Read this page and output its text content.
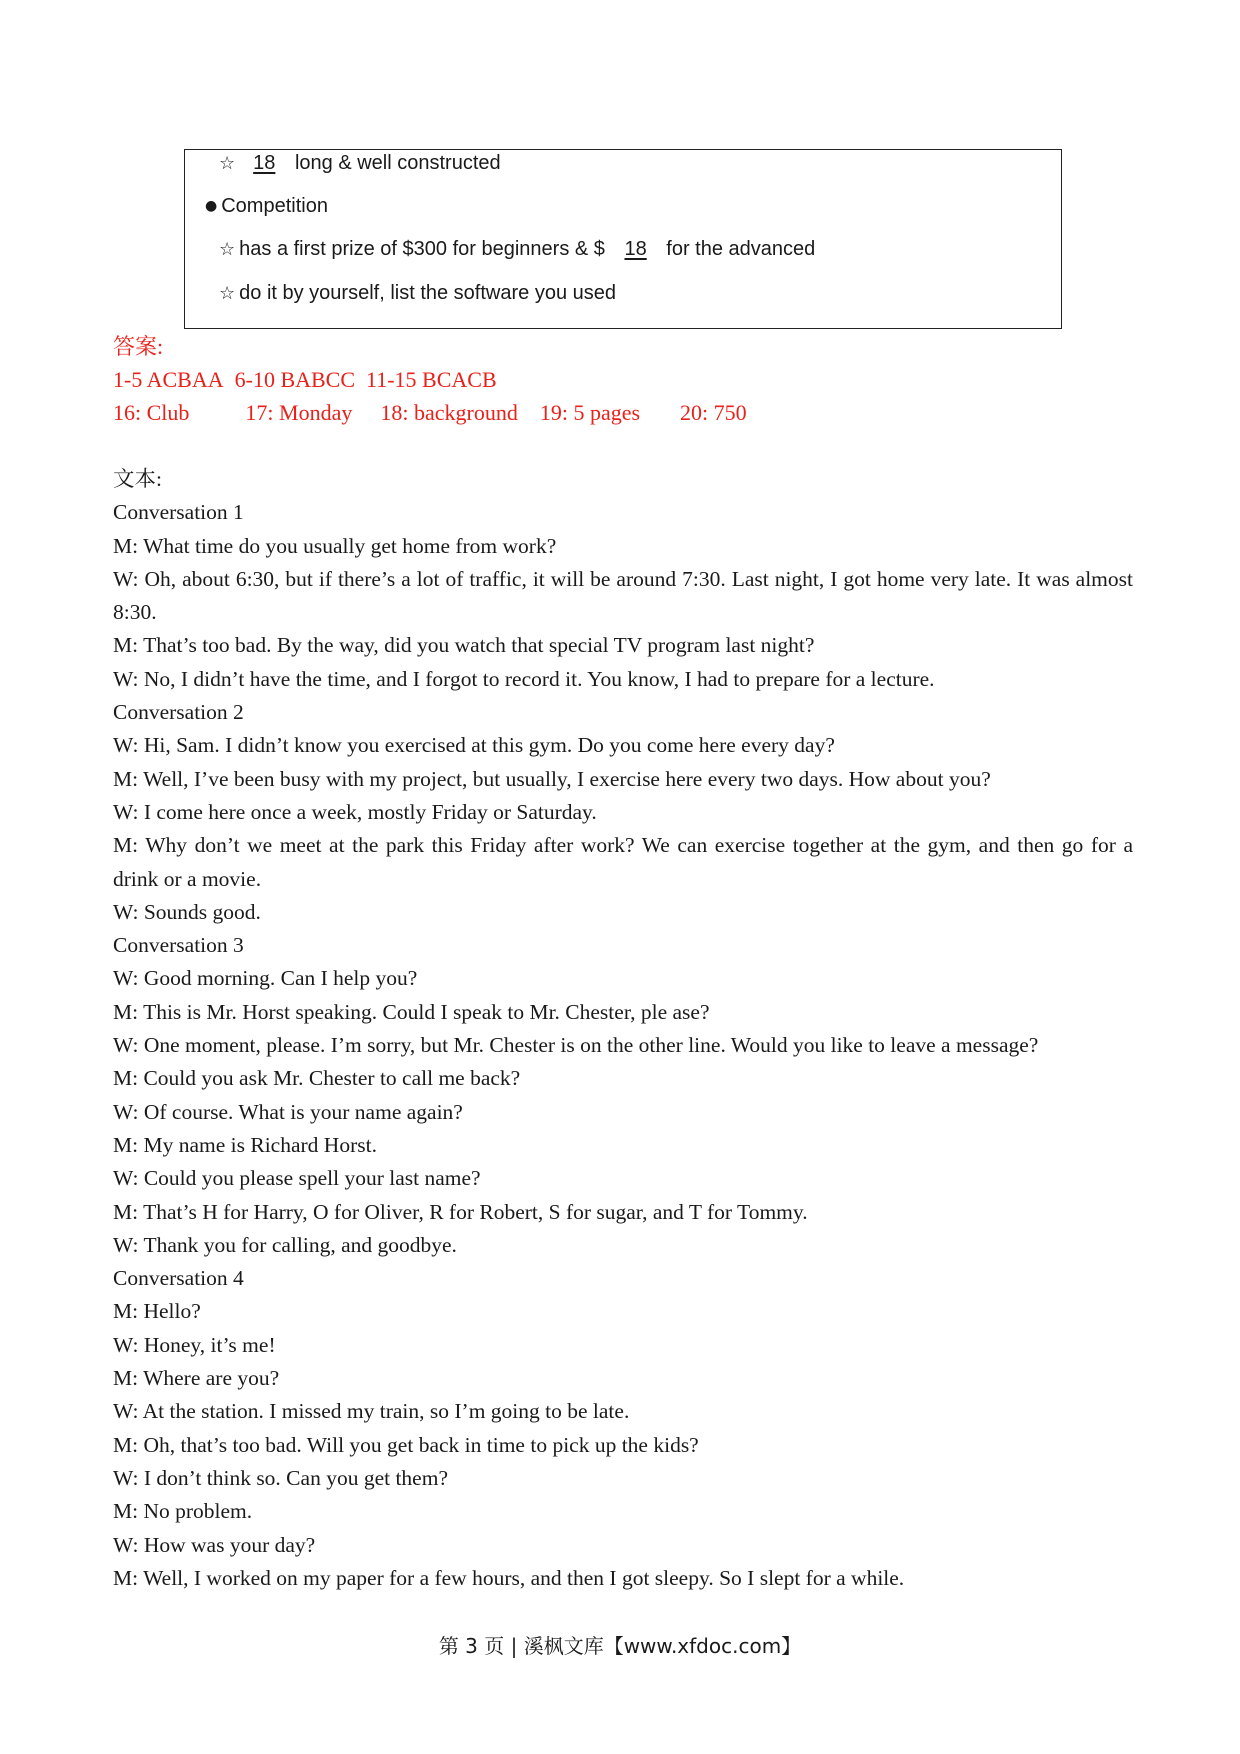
☆ 18 long & well constructed
● Competition
☆ has a first prize of $300 for beginners & $ 18 for the advanced
☆ do it by yourself, list the software you used
答案:
1-5 ACBAA 6-10 BABCC 11-15 BCACB
16: Club	17: Monday 18: background 19: 5 pages 20: 750

文本:

Conversation 1

M: What time do you usually get home from work?

W: Oh, about 6:30, but if there’s a lot of traffic, it will be around 7:30. Last night, I got home very late. It was almost 8:30.

M: That’s too bad. By the way, did you watch that special TV program last night?

W: No, I didn’t have the time, and I forgot to record it. You know, I had to prepare for a lecture.

Conversation 2

W: Hi, Sam. I didn’t know you exercised at this gym. Do you come here every day?

M: Well, I’ve been busy with my project, but usually, I exercise here every two days. How about you?

W: I come here once a week, mostly Friday or Saturday.

M: Why don’t we meet at the park this Friday after work? We can exercise together at the gym, and then go for a drink or a movie.

W: Sounds good.

Conversation 3

W: Good morning. Can I help you?

M: This is Mr. Horst speaking. Could I speak to Mr. Chester, ple ase?

W: One moment, please. I’m sorry, but Mr. Chester is on the other line. Would you like to leave a message?

M: Could you ask Mr. Chester to call me back?

W: Of course. What is your name again?

M: My name is Richard Horst.

W: Could you please spell your last name?

M: That’s H for Harry, O for Oliver, R for Robert, S for sugar, and T for Tommy.

W: Thank you for calling, and goodbye.

Conversation 4

M: Hello?

W: Honey, it’s me!

M: Where are you?

W: At the station. I missed my train, so I’m going to be late.

M: Oh, that’s too bad. Will you get back in time to pick up the kids?

W: I don’t think so. Can you get them?

M: No problem.

W: How was your day?

M: Well, I worked on my paper for a few hours, and then I got sleepy. So I slept for a while.

第 3 页 | 溪枫文库【www.xfdoc.com】
